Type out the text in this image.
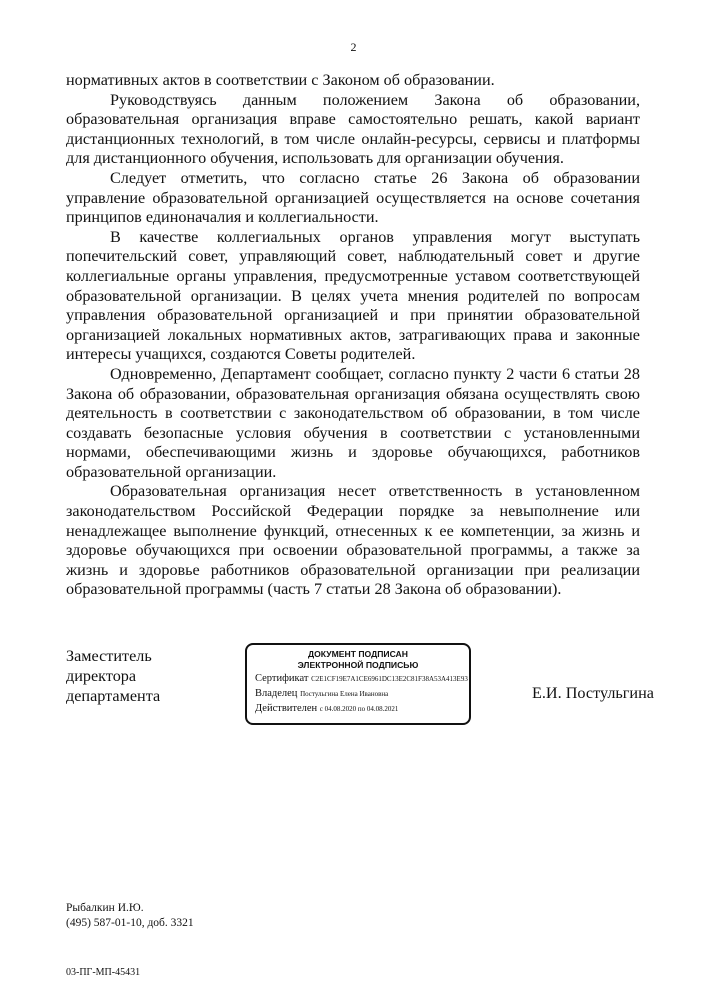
2

нормативных актов в соответствии с Законом об образовании.

Руководствуясь данным положением Закона об образовании, образовательная организация вправе самостоятельно решать, какой вариант дистанционных технологий, в том числе онлайн-ресурсы, сервисы и платформы для дистанционного обучения, использовать для организации обучения.

Следует отметить, что согласно статье 26 Закона об образовании управление образовательной организацией осуществляется на основе сочетания принципов единоначалия и коллегиальности.

В качестве коллегиальных органов управления могут выступать попечительский совет, управляющий совет, наблюдательный совет и другие коллегиальные органы управления, предусмотренные уставом соответствующей образовательной организации. В целях учета мнения родителей по вопросам управления образовательной организацией и при принятии образовательной организацией локальных нормативных актов, затрагивающих права и законные интересы учащихся, создаются Советы родителей.

Одновременно, Департамент сообщает, согласно пункту 2 части 6 статьи 28 Закона об образовании, образовательная организация обязана осуществлять свою деятельность в соответствии с законодательством об образовании, в том числе создавать безопасные условия обучения в соответствии с установленными нормами, обеспечивающими жизнь и здоровье обучающихся, работников образовательной организации.

Образовательная организация несет ответственность в установленном законодательством Российской Федерации порядке за невыполнение или ненадлежащее выполнение функций, отнесенных к ее компетенции, за жизнь и здоровье обучающихся при освоении образовательной программы, а также за жизнь и здоровье работников образовательной организации при реализации образовательной программы (часть 7 статьи 28 Закона об образовании).

Заместитель
директора
департамента
ДОКУМЕНТ ПОДПИСАН
ЭЛЕКТРОННОЙ ПОДПИСЬЮ
Сертификат C2E1CF19E7A1CE6961DC13E2C81F38A53A413E93
Владелец Постульгина Елена Ивановна
Действителен с 04.08.2020 по 04.08.2021
Е.И. Постульгина
Рыбалкин И.Ю.
(495) 587-01-10, доб. 3321
03-ПГ-МП-45431
